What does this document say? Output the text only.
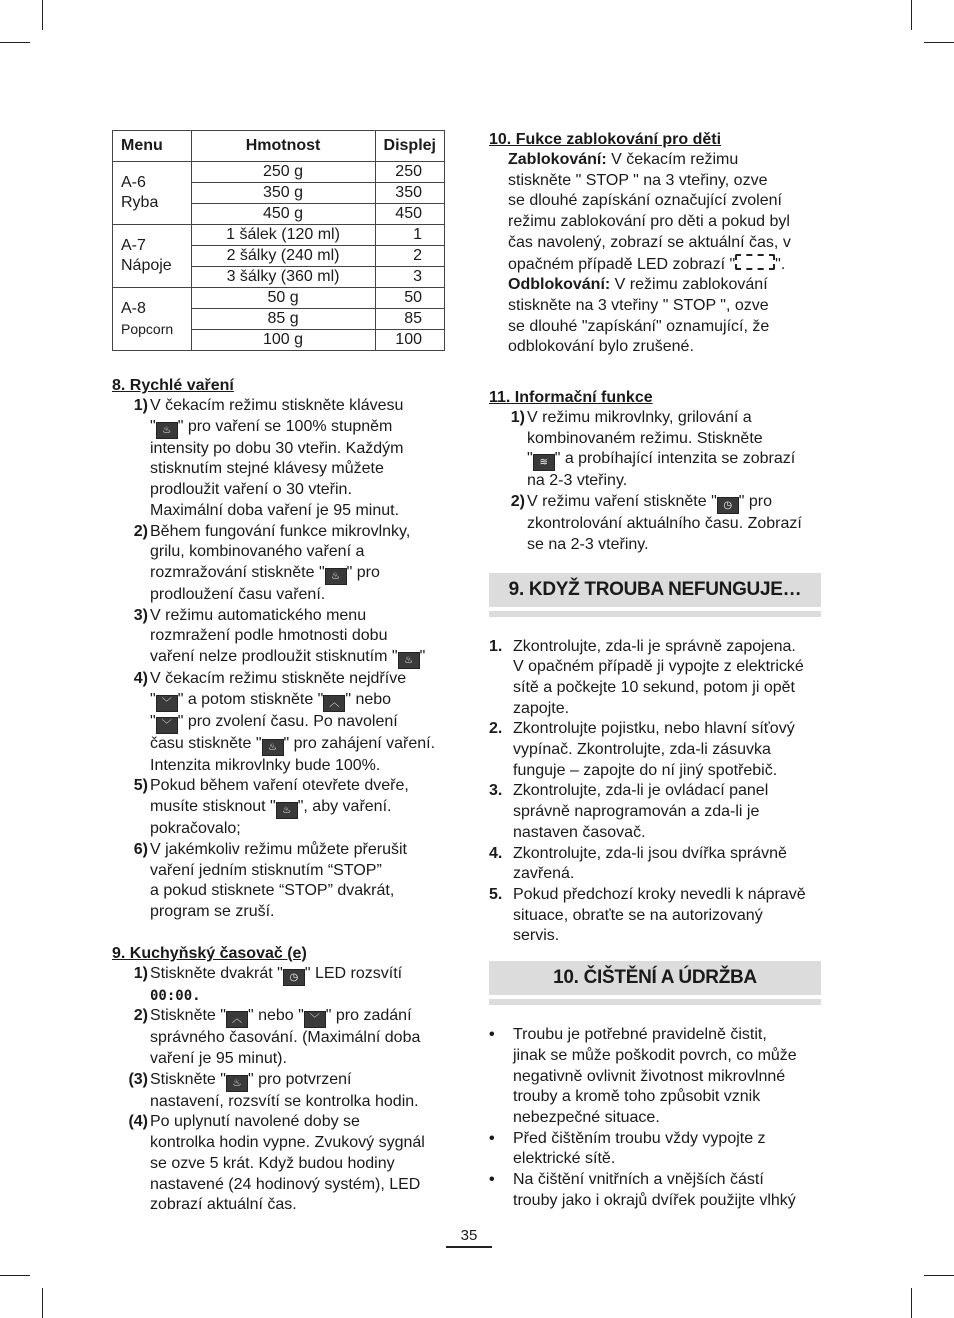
Menu	Hmotnost	Displej
A-6
Ryba	250 g	250
	350 g	350
	450 g	450
A-7
Nápoje	1 šálek (120 ml)	1
	2 šálky (240 ml)	2
	3 šálky (360 ml)	3
A-8
Popcorn	50 g	50
	85 g	85
	100 g	100

8. Rychlé vaření

1) V čekacím režimu stiskněte klávesu
" ♨ " pro vaření se 100% stupněm
intensity po dobu 30 vteřin. Každým
stisknutím stejné klávesy můžete
prodloužit vaření o 30 vteřin.
Maximální doba vaření je 95 minut.
2) Během fungování funkce mikrovlnky,
grilu, kombinovaného vaření a
rozmražování stiskněte " ♨ " pro
prodloužení času vaření.
3) V režimu automatického menu
rozmražení podle hmotnosti dobu
vaření nelze prodloužit stisknutím " ♨ "
4) V čekacím režimu stiskněte nejdříve
" ﹀ " a potom stiskněte " ︿ " nebo
" ﹀ " pro zvolení času. Po navolení
času stiskněte " ♨ " pro zahájení vaření.
Intenzita mikrovlnky bude 100%.
5) Pokud během vaření otevřete dveře,
musíte stisknout " ♨ ", aby vaření.
pokračovalo;
6) V jakémkoliv režimu můžete přerušit
vaření jedním stisknutím “STOP”
a pokud stisknete “STOP” dvakrát,
program se zruší.

9. Kuchyňský časovač (e)

1) Stiskněte dvakrát " ◷ " LED rozsvítí
00:00.
2) Stiskněte " ︿ " nebo " ﹀ " pro zadání
správného časování. (Maximální doba
vaření je 95 minut).
(3) Stiskněte " ♨ " pro potvrzení
nastavení, rozsvítí se kontrolka hodin.
(4) Po uplynutí navolené doby se
kontrolka hodin vypne. Zvukový sygnál
se ozve 5 krát. Když budou hodiny
nastavené (24 hodinový systém), LED
zobrazí aktuální čas.

10. Fukce zablokování pro děti

Zablokování: V čekacím režimu
stiskněte " STOP " na 3 vteřiny, ozve
se dlouhé zapískání označující zvolení
režimu zablokování pro děti a pokud byl
čas navolený, zobrazí se aktuální čas, v
opačném případě LED zobrazí "	".
Odblokování: V režimu zablokování
stiskněte na 3 vteřiny " STOP ", ozve
se dlouhé "zapískání" oznamující, že
odblokování bylo zrušené.

11. Informační funkce

1) V režimu mikrovlnky, grilování a
kombinovaném režimu. Stiskněte
" ≋ " a probíhající intenzita se zobrazí
na 2-3 vteřiny.
2) V režimu vaření stiskněte " ◷ " pro
zkontrolování aktuálního času. Zobrazí
se na 2-3 vteřiny.
9. KDYŽ TROUBA NEFUNGUJE…
1. Zkontrolujte, zda-li je správně zapojena.
V opačném případě ji vypojte z elektrické
sítě a počkejte 10 sekund, potom ji opět
zapojte.
2. Zkontrolujte pojistku, nebo hlavní síťový
vypínač. Zkontrolujte, zda-li zásuvka
funguje – zapojte do ní jiný spotřebič.
3. Zkontrolujte, zda-li je ovládací panel
správně naprogramován a zda-li je
nastaven časovač.
4. Zkontrolujte, zda-li jsou dvířka správně
zavřená.
5. Pokud předchozí kroky nevedli k nápravě
situace, obraťte se na autorizovaný
servis.
10. ČIŠTĚNÍ A ÚDRŽBA
•	Troubu je potřebné pravidelně čistit,
jinak se může poškodit povrch, co může
negativně ovlivnit životnost mikrovlnné
trouby a kromě toho způsobit vznik
nebezpečné situace.
•	Před čištěním troubu vždy vypojte z
elektrické sítě.
•	Na čištění vnitřních a vnějších částí
trouby jako i okrajů dvířek použijte vlhký
35
